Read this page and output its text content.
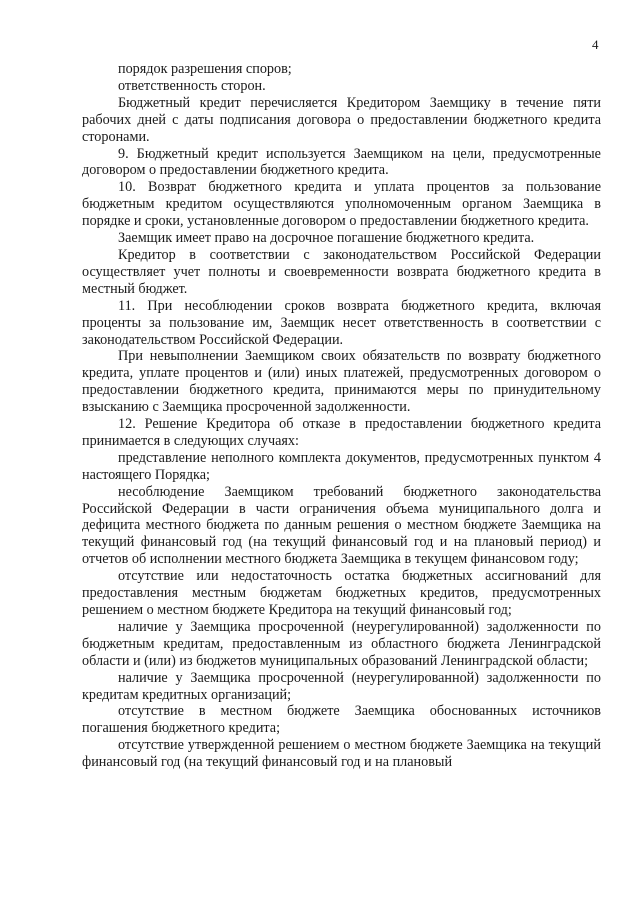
4

порядок разрешения споров;

ответственность сторон.

Бюджетный кредит перечисляется Кредитором Заемщику в течение пяти рабочих дней с даты подписания договора о предоставлении бюджетного кредита сторонами.

9. Бюджетный кредит используется Заемщиком на цели, предусмотренные договором о предоставлении бюджетного кредита.

10. Возврат бюджетного кредита и уплата процентов за пользование бюджетным кредитом осуществляются уполномоченным органом Заемщика в порядке и сроки, установленные договором о предоставлении бюджетного кредита.

Заемщик имеет право на досрочное погашение бюджетного кредита.

Кредитор в соответствии с законодательством Российской Федерации осуществляет учет полноты и своевременности возврата бюджетного кредита в местный бюджет.

11. При несоблюдении сроков возврата бюджетного кредита, включая проценты за пользование им, Заемщик несет ответственность в соответствии с законодательством Российской Федерации.

При невыполнении Заемщиком своих обязательств по возврату бюджетного кредита, уплате процентов и (или) иных платежей, предусмотренных договором о предоставлении бюджетного кредита, принимаются меры по принудительному взысканию с Заемщика просроченной задолженности.

12. Решение Кредитора об отказе в предоставлении бюджетного кредита принимается в следующих случаях:

представление неполного комплекта документов, предусмотренных пунктом 4 настоящего Порядка;

несоблюдение Заемщиком требований бюджетного законодательства Российской Федерации в части ограничения объема муниципального долга и дефицита местного бюджета по данным решения о местном бюджете Заемщика на текущий финансовый год (на текущий финансовый год и на плановый период) и отчетов об исполнении местного бюджета Заемщика в текущем финансовом году;

отсутствие или недостаточность остатка бюджетных ассигнований для предоставления местным бюджетам бюджетных кредитов, предусмотренных решением о местном бюджете Кредитора на текущий финансовый год;

наличие у Заемщика просроченной (неурегулированной) задолженности по бюджетным кредитам, предоставленным из областного бюджета Ленинградской области и (или) из бюджетов муниципальных образований Ленинградской области;

наличие у Заемщика просроченной (неурегулированной) задолженности по кредитам кредитных организаций;

отсутствие в местном бюджете Заемщика обоснованных источников погашения бюджетного кредита;

отсутствие утвержденной решением о местном бюджете Заемщика на текущий финансовый год (на текущий финансовый год и на плановый
